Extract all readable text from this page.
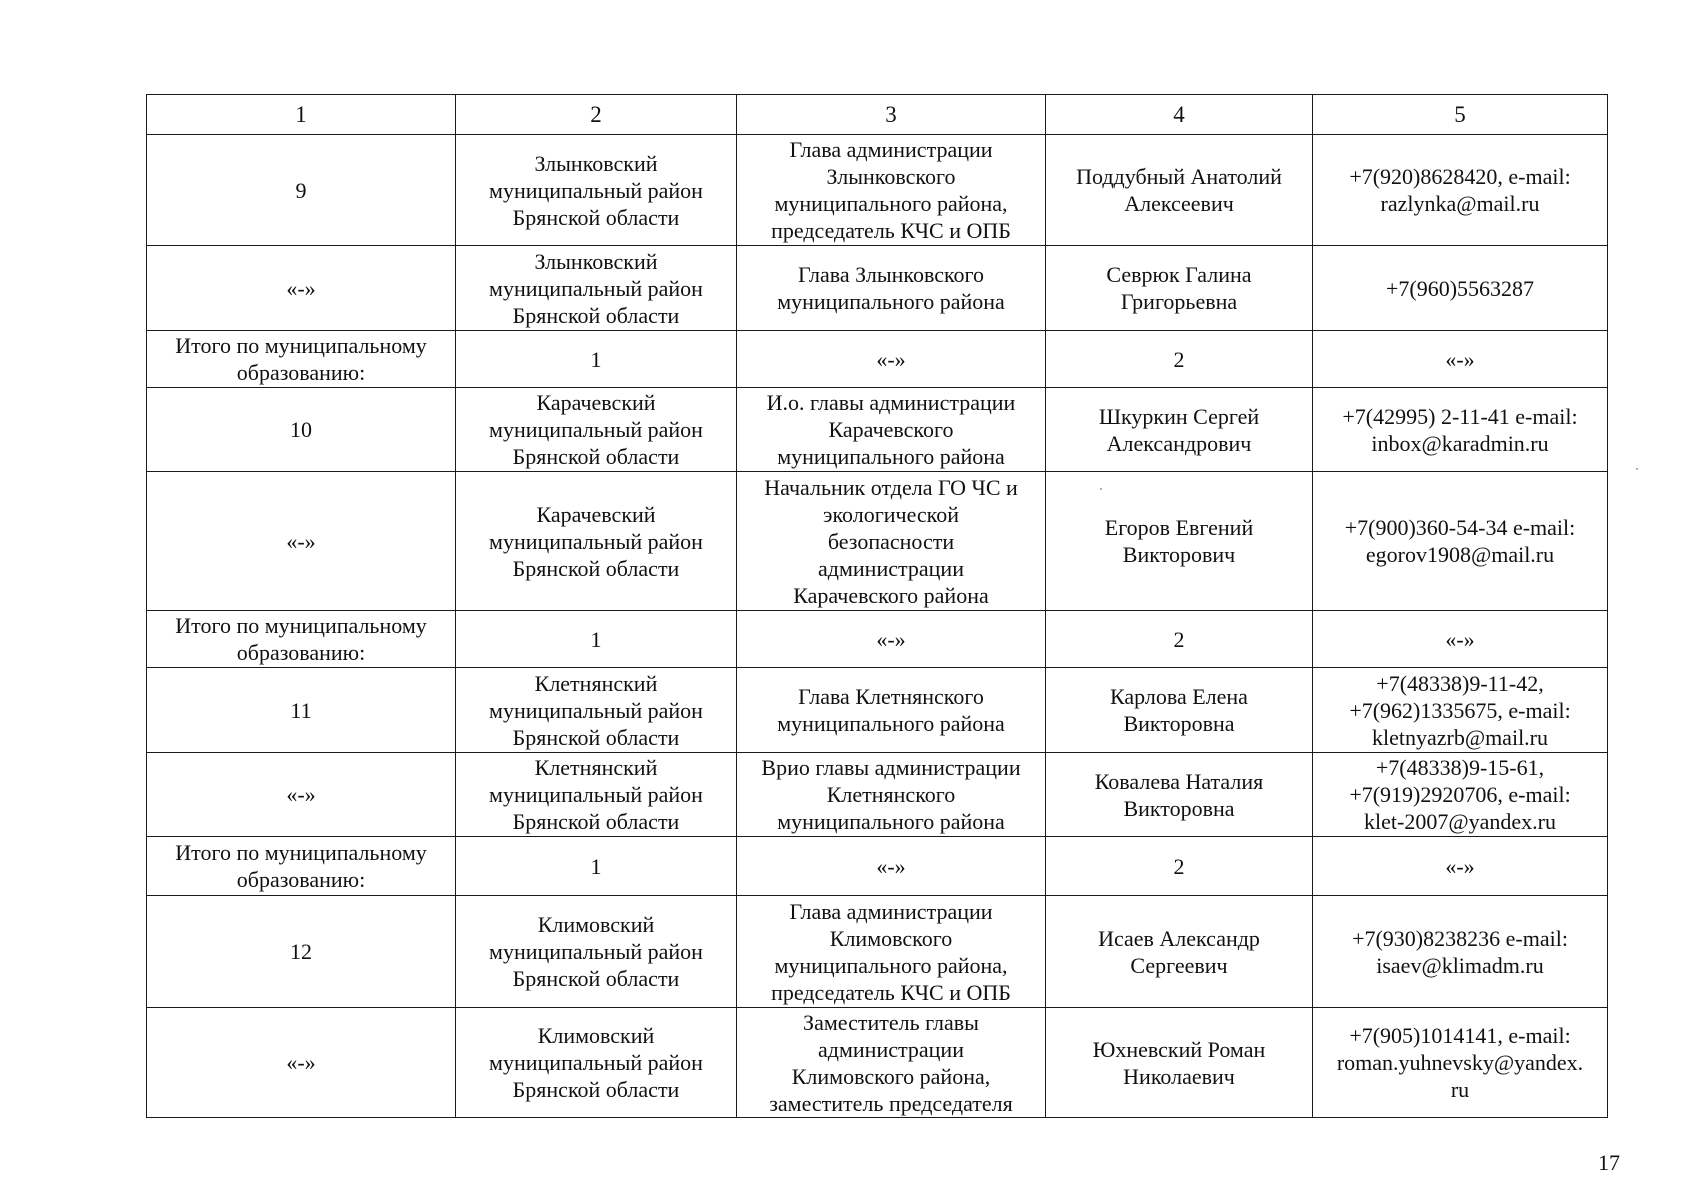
1	2	3	4	5
9	Злынковский
муниципальный район
Брянской области	Глава администрации
Злынковского
муниципального района,
председатель КЧС и ОПБ	Поддубный Анатолий
Алексеевич	+7(920)8628420, e-mail:
razlynka@mail.ru
«-»	Злынковский
муниципальный район
Брянской области	Глава Злынковского
муниципального района	Севрюк Галина
Григорьевна	+7(960)5563287
Итого по муниципальному
образованию:	1	«-»	2	«-»
10	Карачевский
муниципальный район
Брянской области	И.о. главы администрации
Карачевского
муниципального района	Шкуркин Сергей
Александрович	+7(42995) 2-11-41 e-mail:
inbox@karadmin.ru
«-»	Карачевский
муниципальный район
Брянской области	Начальник отдела ГО ЧС и
экологической
безопасности
администрации
Карачевского района	Егоров Евгений
Викторович	+7(900)360-54-34 e-mail:
egorov1908@mail.ru
Итого по муниципальному
образованию:	1	«-»	2	«-»
11	Клетнянский
муниципальный район
Брянской области	Глава Клетнянского
муниципального района	Карлова Елена
Викторовна	+7(48338)9-11-42,
+7(962)1335675, e-mail:
kletnyazrb@mail.ru
«-»	Клетнянский
муниципальный район
Брянской области	Врио главы администрации
Клетнянского
муниципального района	Ковалева Наталия
Викторовна	+7(48338)9-15-61,
+7(919)2920706, e-mail:
klet-2007@yandex.ru
Итого по муниципальному
образованию:	1	«-»	2	«-»
12	Климовский
муниципальный район
Брянской области	Глава администрации
Климовского
муниципального района,
председатель КЧС и ОПБ	Исаев Александр
Сергеевич	+7(930)8238236 e-mail:
isaev@klimadm.ru
«-»	Климовский
муниципальный район
Брянской области	Заместитель главы
администрации
Климовского района,
заместитель председателя	Юхневский Роман
Николаевич	+7(905)1014141, e-mail:
roman.yuhnevsky@yandex.
ru
17
